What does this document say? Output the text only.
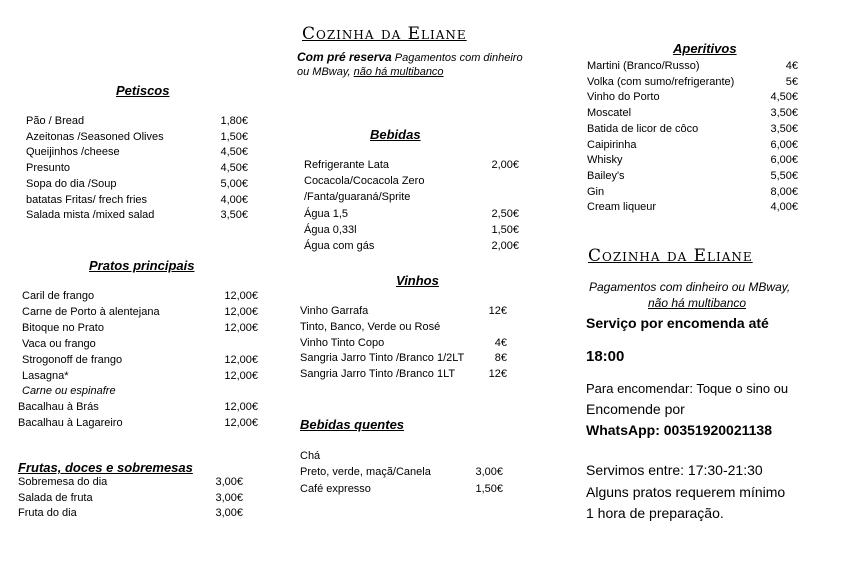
Cozinha da Eliane
Com pré reserva Pagamentos com dinheiro
ou MBway, não há multibanco
Petiscos
Pão / Bread	1,80€
Azeitonas /Seasoned Olives	1,50€
Queijinhos /cheese	4,50€
Presunto	4,50€
Sopa do dia /Soup	5,00€
batatas Fritas/ frech fries	4,00€
Salada mista /mixed salad	3,50€
Pratos principais
Caril de frango	12,00€
Carne de Porto à alentejana	12,00€
Bitoque no Prato	12,00€
Vaca ou frango
Strogonoff de frango	12,00€
Lasagna*	12,00€
Carne ou espinafre
Bacalhau à Brás	12,00€
Bacalhau à Lagareiro	12,00€
Frutas, doces e sobremesas
Sobremesa do dia	3,00€
Salada de fruta	3,00€
Fruta do dia	3,00€
Bebidas
Refrigerante Lata	2,00€
Cocacola/Cocacola Zero
/Fanta/guaraná/Sprite
Água 1,5	2,50€
Água 0,33l	1,50€
Água com gás	2,00€
Vinhos
Vinho Garrafa	12€
Tinto, Banco, Verde ou Rosé
Vinho Tinto Copo	4€
Sangria Jarro Tinto /Branco 1/2LT	8€
Sangria Jarro Tinto /Branco 1LT	12€
Bebidas quentes
Chá
Preto, verde, maçã/Canela	3,00€
Café expresso	1,50€
Aperitivos
Martini (Branco/Russo)	4€
Volka (com sumo/refrigerante)	5€
Vinho do Porto	4,50€
Moscatel	3,50€
Batida de licor de côco	3,50€
Caipirinha	6,00€
Whisky	6,00€
Bailey's	5,50€
Gin	8,00€
Cream liqueur	4,00€
Cozinha da Eliane
Pagamentos com dinheiro ou MBway,
não há multibanco
Serviço por encomenda até
18:00
Para encomendar: Toque o sino ou
Encomende por
WhatsApp: 00351920021138
Servimos entre: 17:30-21:30
Alguns pratos requerem mínimo
1 hora de preparação.
